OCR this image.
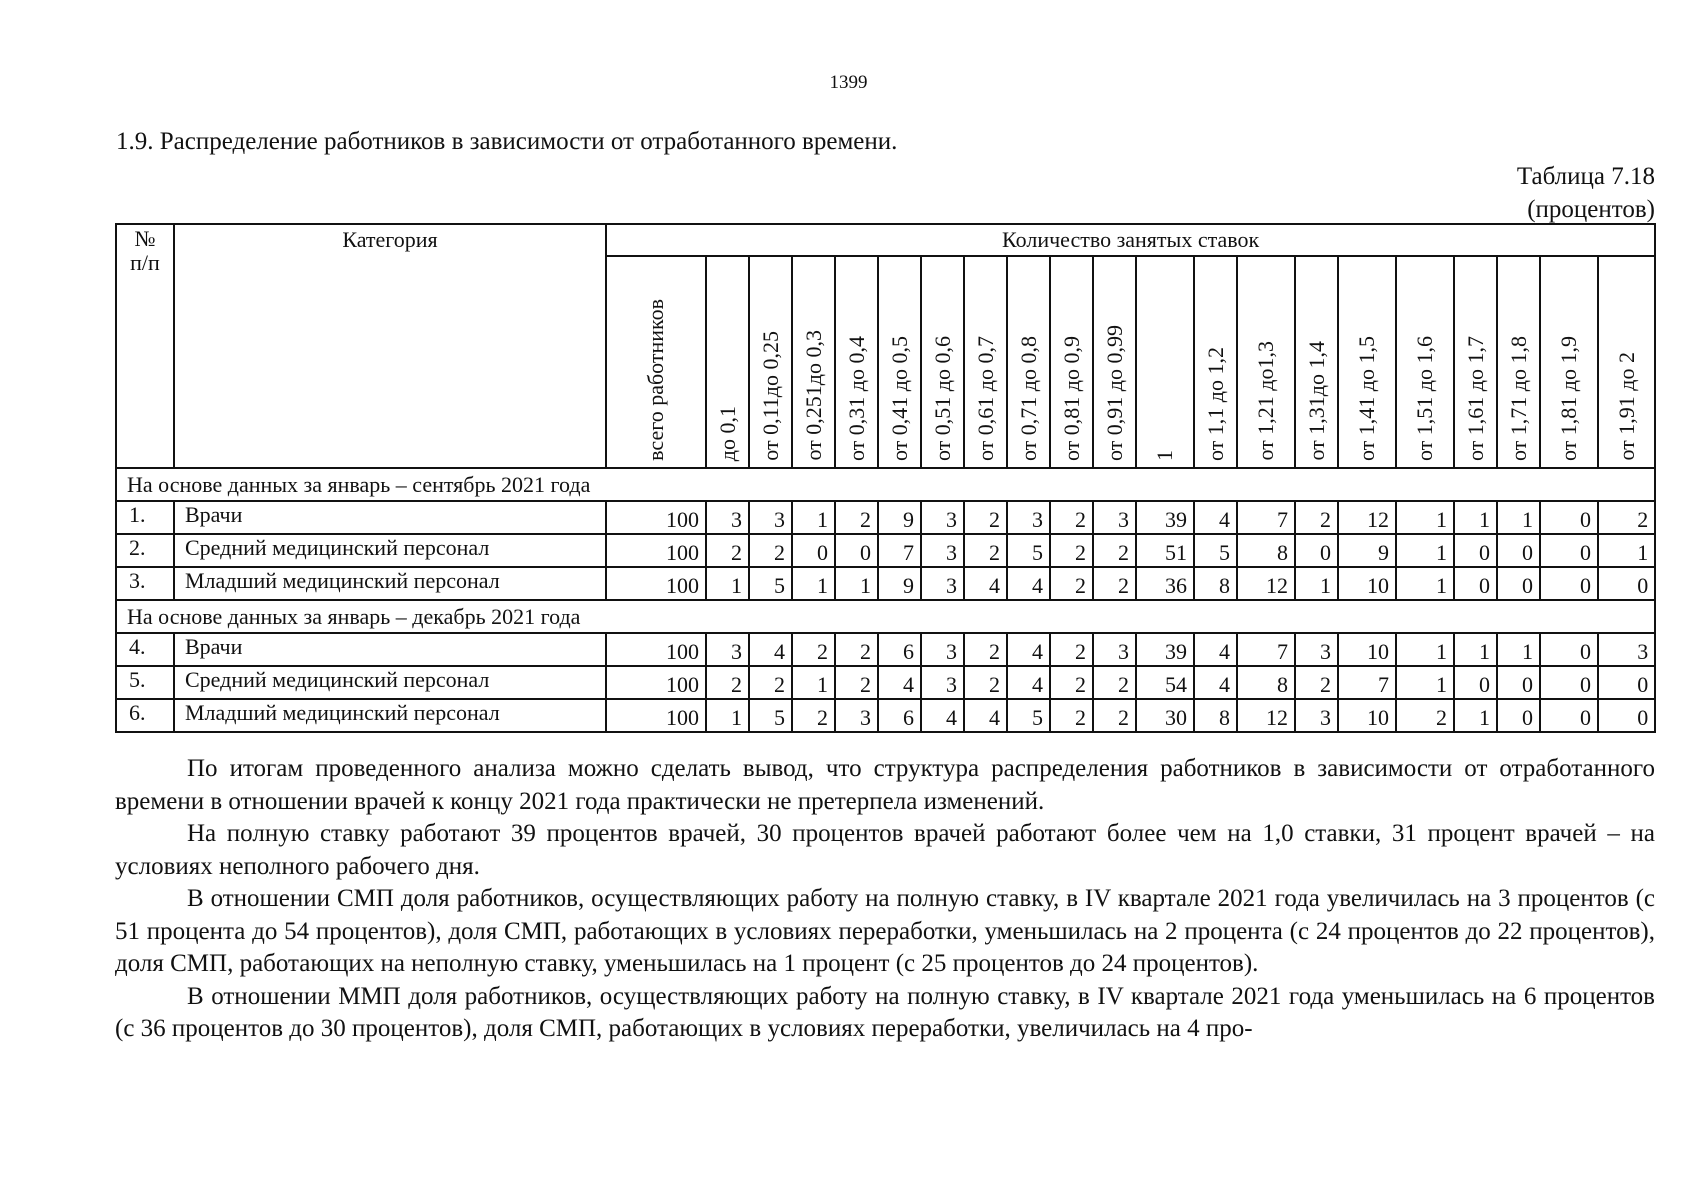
1399
1.9. Распределение работников в зависимости от отработанного времени.
Таблица 7.18
(процентов)
№
п/п	Категория	Количество занятых ставок																				
		всего работников	до 0,1	от 0,11до 0,25	от 0,251до 0,3	от 0,31 до 0,4	от 0,41 до 0,5	от 0,51 до 0,6	от 0,61 до 0,7	от 0,71 до 0,8	от 0,81 до 0,9	от 0,91 до 0,99	1	от 1,1 до 1,2	от 1,21 до1,3	от 1,31до 1,4	от 1,41 до 1,5	от 1,51 до 1,6	от 1,61 до 1,7	от 1,71 до 1,8	от 1,81 до 1,9	от 1,91 до 2
На основе данных за январь – сентябрь 2021 года																						
1.	Врачи	100	3	3	1	2	9	3	2	3	2	3	39	4	7	2	12	1	1	1	0	2
2.	Средний медицинский персонал	100	2	2	0	0	7	3	2	5	2	2	51	5	8	0	9	1	0	0	0	1
3.	Младший медицинский персонал	100	1	5	1	1	9	3	4	4	2	2	36	8	12	1	10	1	0	0	0	0
На основе данных за январь – декабрь 2021 года																						
4.	Врачи	100	3	4	2	2	6	3	2	4	2	3	39	4	7	3	10	1	1	1	0	3
5.	Средний медицинский персонал	100	2	2	1	2	4	3	2	4	2	2	54	4	8	2	7	1	0	0	0	0
6.	Младший медицинский персонал	100	1	5	2	3	6	4	4	5	2	2	30	8	12	3	10	2	1	0	0	0

По итогам проведенного анализа можно сделать вывод, что структура распределения работников в зависимости от отработанного времени в отношении врачей к концу 2021 года практически не претерпела изменений.

На полную ставку работают 39 процентов врачей, 30 процентов врачей работают более чем на 1,0 ставки, 31 процент врачей – на условиях неполного рабочего дня.

В отношении СМП доля работников, осуществляющих работу на полную ставку, в IV квартале 2021 года увеличилась на 3 процентов (с 51 процента до 54 процентов), доля СМП, работающих в условиях переработки, уменьшилась на 2 процента (с 24 процентов до 22 процентов), доля СМП, работающих на неполную ставку, уменьшилась на 1 процент (с 25 процентов до 24 процентов).

В отношении ММП доля работников, осуществляющих работу на полную ставку, в IV квартале 2021 года уменьшилась на 6 процентов (с 36 процентов до 30 процентов), доля СМП, работающих в условиях переработки, увеличилась на 4 про-
